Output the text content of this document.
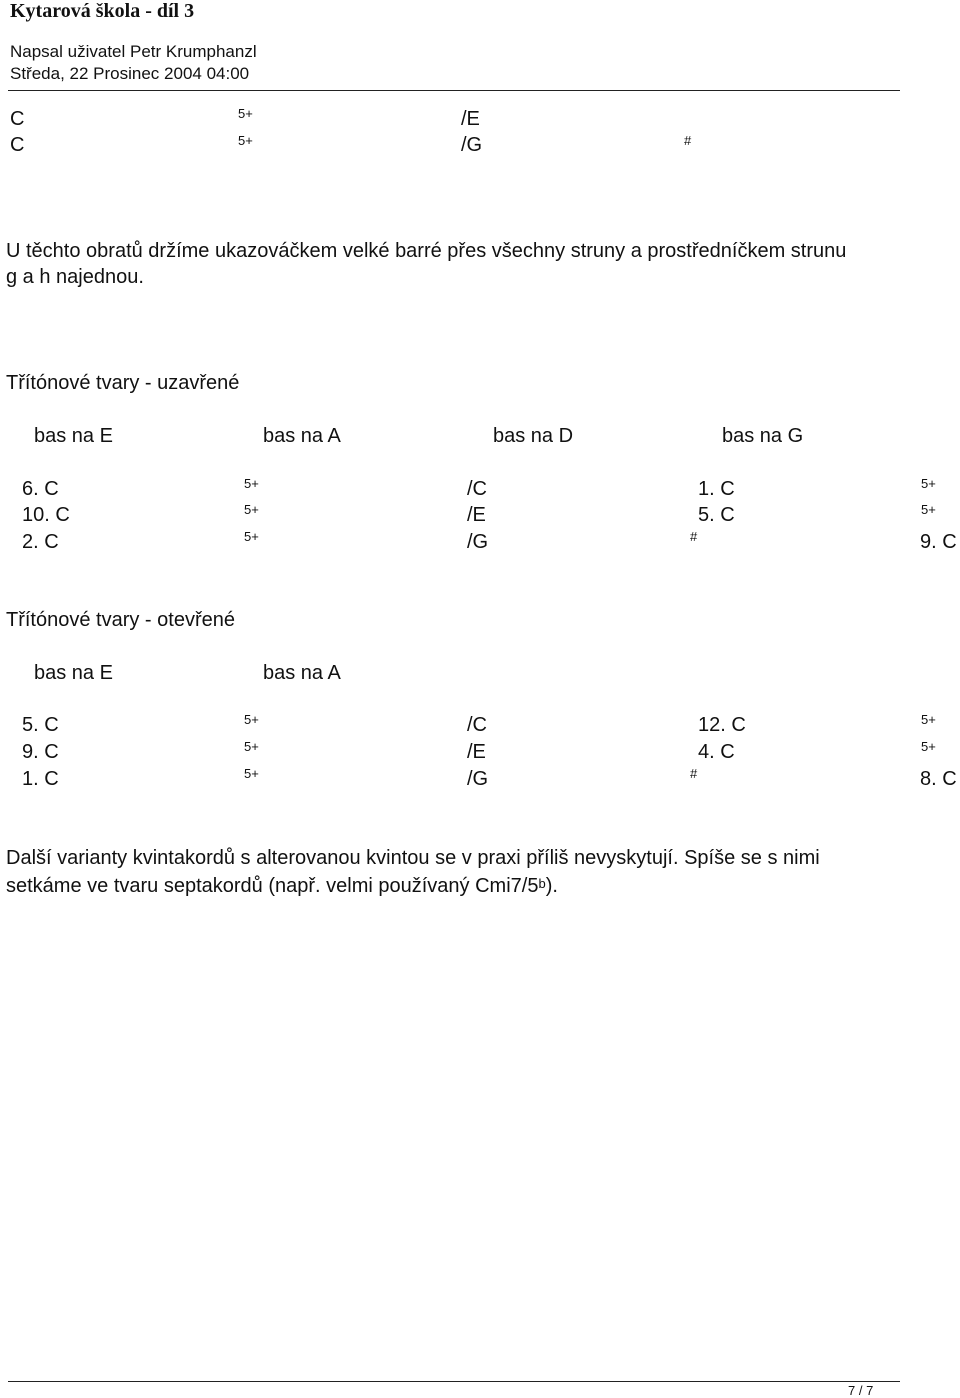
Kytarová škola - díl 3
Napsal uživatel Petr Krumphanzl
Středa, 22 Prosinec 2004 04:00
C	5+	/E
C	5+	/G	#
U těchto obratů držíme ukazováčkem velké barré přes všechny struny a prostředníčkem strunu
g a h najednou.
Třítónové tvary - uzavřené
bas na E	bas na A	bas na D	bas na G
6. C	5+	/C	1. C	5+
10. C	5+	/E	5. C	5+
2. C	5+	/G	#	9. C
Třítónové tvary - otevřené
bas na E	bas na A
5. C	5+	/C	12. C	5+
9. C	5+	/E	4. C	5+
1. C	5+	/G	#	8. C
Další varianty kvintakordů s alterovanou kvintou se v praxi příliš nevyskytují. Spíše se s nimi
setkáme ve tvaru septakordů (např. velmi používaný Cmi7/5$^b$).
7 / 7
